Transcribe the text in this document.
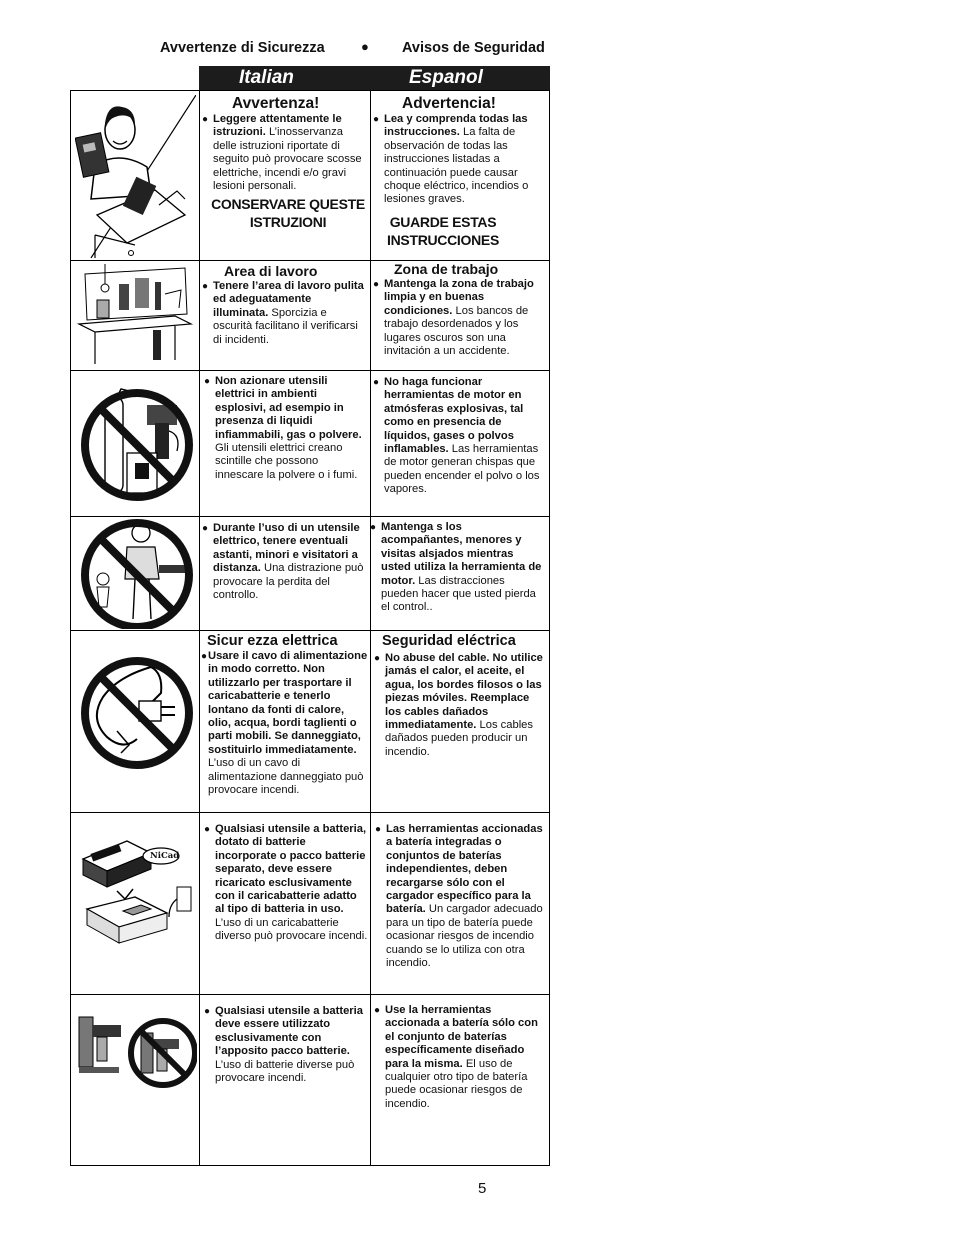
Avvertenze di Sicurezza	● Avisos de Seguridad
Italian	Espanol
Avvertenza!
● Leggere attentamente le istruzioni. L’inosservanza delle istruzioni riportate di seguito può provocare scosse elettriche, incendi e/o gravi lesioni personali.
CONSERVARE QUESTE ISTRUZIONI
Advertencia!
● Lea y comprenda todas las instrucciones. La falta de observación de todas las instrucciones listadas a continuación puede causar choque eléctrico, incendios o lesiones graves.
GUARDE ESTAS INSTRUCCIONES
Area di lavoro
● Tenere l’area di lavoro pulita ed adeguatamente illuminata. Sporcizia e oscurità facilitano il verificarsi di incidenti.
Zona de trabajo
● Mantenga la zona de trabajo limpia y en buenas condiciones. Los bancos de trabajo desordenados y los lugares oscuros son una invitación a un accidente.
● Non azionare utensili elettrici in ambienti esplosivi, ad esempio in presenza di liquidi infiammabili, gas o polvere. Gli utensili elettrici creano scintille che possono innescare la polvere o i fumi.
● No haga funcionar herramientas de motor en atmósferas explosivas, tal como en presencia de líquidos, gases o polvos inflamables. Las herramientas de motor generan chispas que pueden encender el polvo o los vapores.
● Durante l’uso di un utensile elettrico, tenere eventuali astanti, minori e visitatori a distanza. Una distrazione può provocare la perdita del controllo.
● Mantenga s los acompañantes, menores y visitas alsjados mientras usted utiliza la herramienta de motor. Las distracciones pueden hacer que usted pierda el control..
Sicur ezza elettrica
● Usare il cavo di alimentazione in modo corretto. Non utilizzarlo per trasportare il caricabatterie e tenerlo lontano da fonti di calore, olio, acqua, bordi taglienti o parti mobili. Se danneggiato, sostituirlo immediatamente. L’uso di un cavo di alimentazione danneggiato può provocare incendi.
Seguridad eléctrica
● No abuse del cable. No utilice jamás el calor, el aceite, el agua, los bordes filosos o las piezas móviles. Reemplace los cables dañados immediatamente. Los cables dañados pueden producir un incendio.
NiCad
● Qualsiasi utensile a batteria, dotato di batterie incorporate o pacco batterie separato, deve essere ricaricato esclusivamente con il caricabatterie adatto al tipo di batteria in uso. L’uso di un caricabatterie diverso può provocare incendi.
● Las herramientas accionadas a batería integradas o conjuntos de baterías independientes, deben recargarse sólo con el cargador específico para la batería. Un cargador adecuado para un tipo de batería puede ocasionar riesgos de incendio cuando se lo utiliza con otra incendio.
● Qualsiasi utensile a batteria deve essere utilizzato esclusivamente con l’apposito pacco batterie. L’uso di batterie diverse può provocare incendi.
● Use la herramientas accionada a batería sólo con el conjunto de baterías específicamente diseñado para la misma. El uso de cualquier otro tipo de batería puede ocasionar riesgos de incendio.
5
